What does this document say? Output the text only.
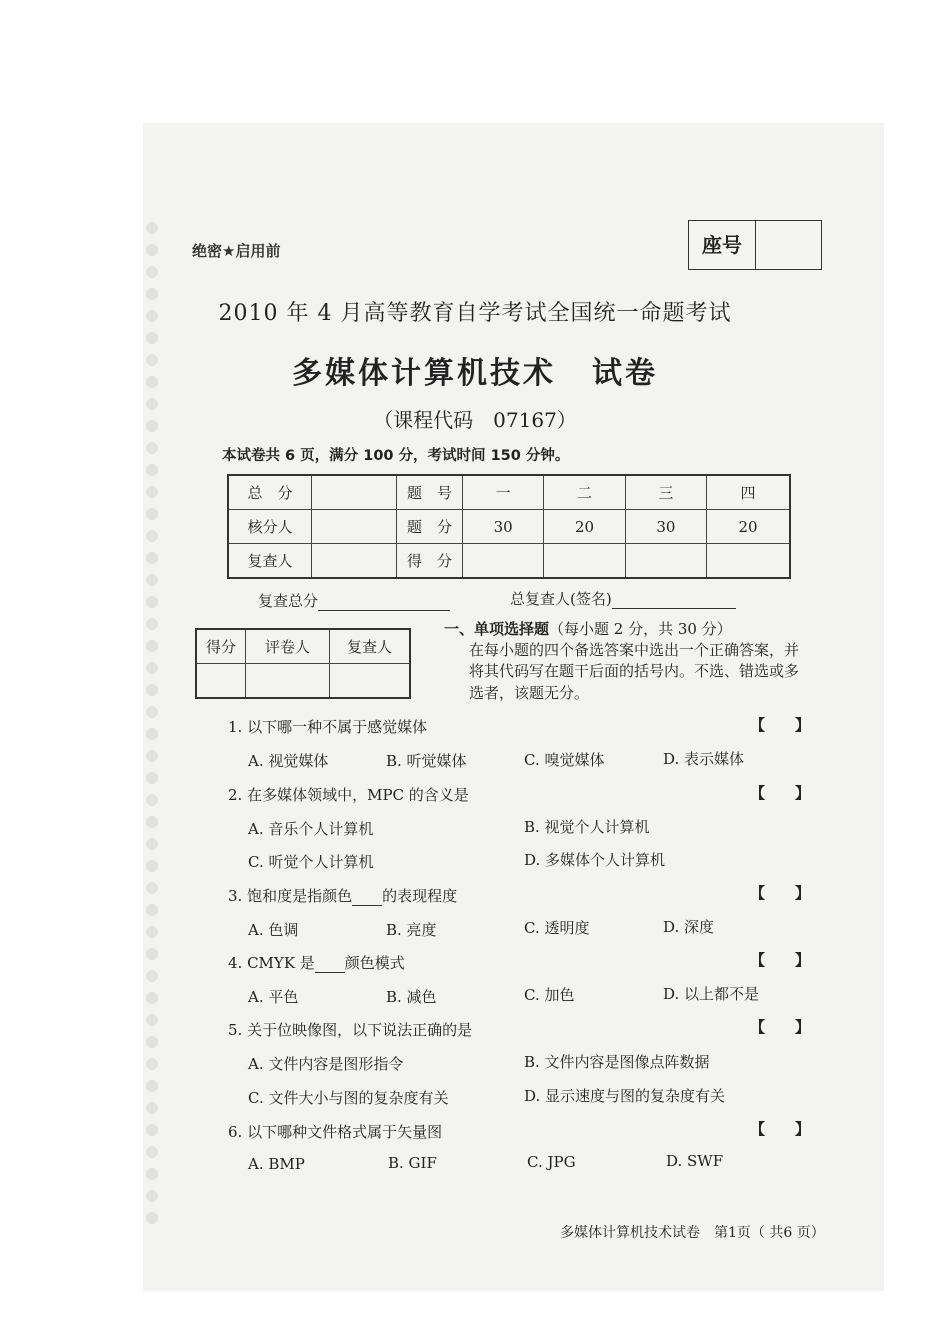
绝密★启用前	座号
2010 年 4 月高等教育自学考试全国统一命题考试
多媒体计算机技术 试卷
（课程代码　07167）
本试卷共 6 页，满分 100 分，考试时间 150 分钟。
总　分		题　号	一	二	三	四
核分人		题　分	30	20	30	20
复查人		得　分				
复查总分	总复查人(签名)
得分	评卷人	复查人

一、单项选择题（每小题 2 分，共 30 分）
在每小题的四个备选答案中选出一个正确答案，并
将其代码写在题干后面的括号内。不选、错选或多
选者，该题无分。
1. 以下哪一种不属于感觉媒体	【　　】
A. 视觉媒体	B. 听觉媒体	C. 嗅觉媒体	D. 表示媒体
2. 在多媒体领域中，MPC 的含义是	【　　】
A. 音乐个人计算机	B. 视觉个人计算机
C. 听觉个人计算机	D. 多媒体个人计算机
3. 饱和度是指颜色 的表现程度	【　　】
A. 色调	B. 亮度	C. 透明度	D. 深度
4. CMYK 是 颜色模式	【　　】
A. 平色	B. 减色	C. 加色	D. 以上都不是
5. 关于位映像图，以下说法正确的是	【　　】
A. 文件内容是图形指令	B. 文件内容是图像点阵数据
C. 文件大小与图的复杂度有关	D. 显示速度与图的复杂度有关
6. 以下哪种文件格式属于矢量图	【　　】
A. BMP	B. GIF	C. JPG	D. SWF
多媒体计算机技术试卷　第1页（ 共6 页）
